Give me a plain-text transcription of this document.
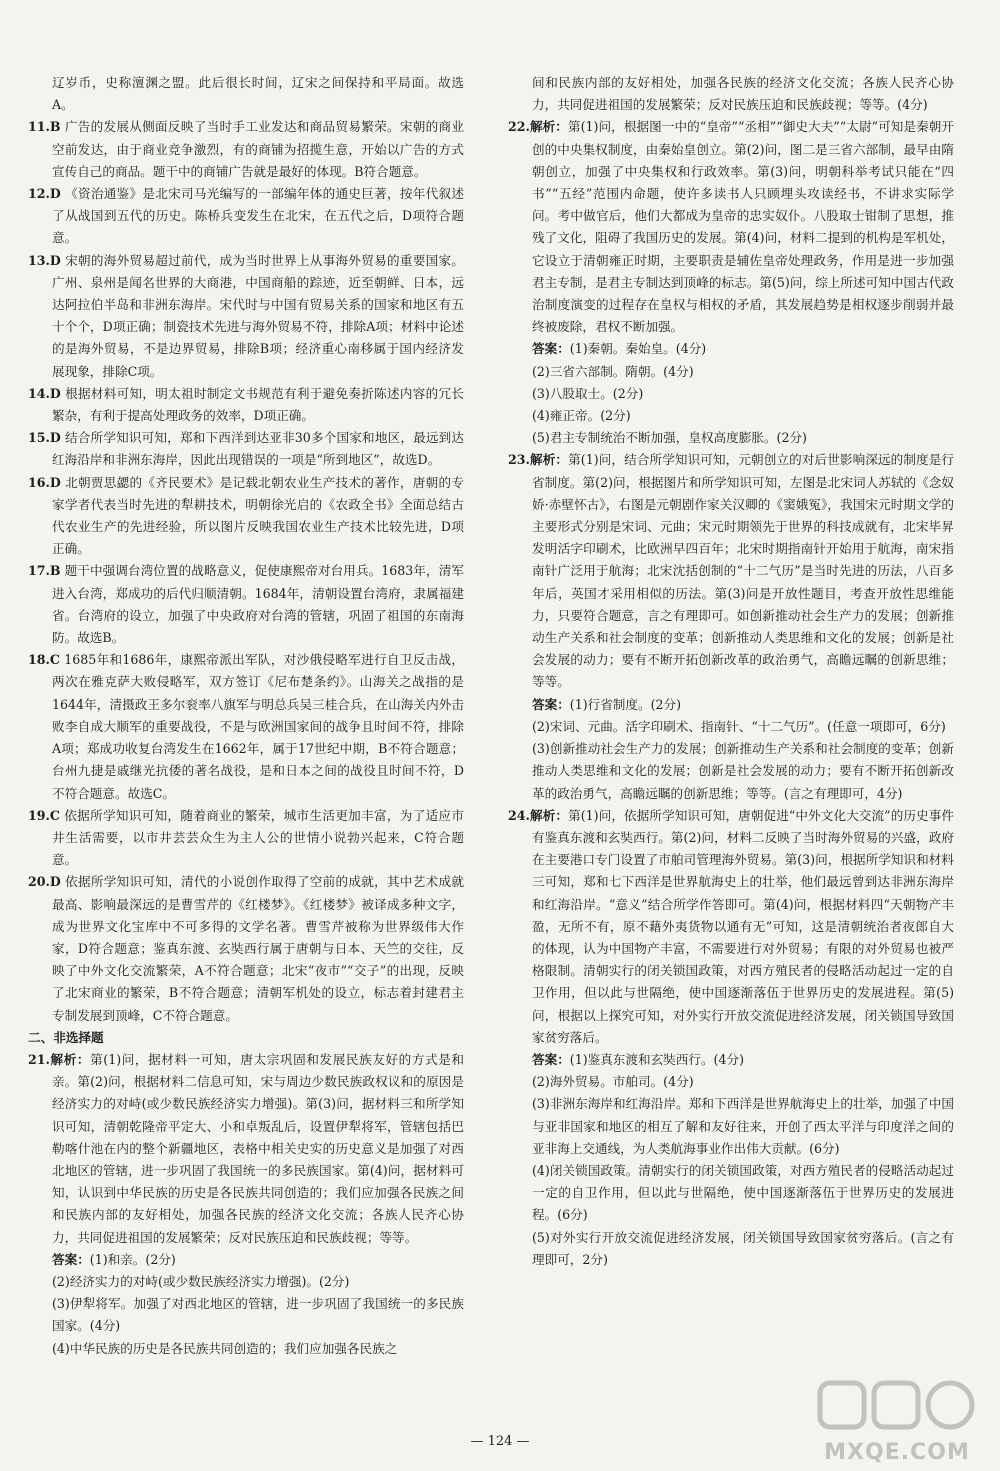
辽岁币，史称澶渊之盟。此后很长时间，辽宋之间保持和平局面。故选A。

11.B 广告的发展从侧面反映了当时手工业发达和商品贸易繁荣。宋朝的商业空前发达，由于商业竞争激烈，有的商铺为招揽生意，开始以广告的方式宣传自己的商品。题干中的商铺广告就是最好的体现。B符合题意。

12.D 《资治通鉴》是北宋司马光编写的一部编年体的通史巨著，按年代叙述了从战国到五代的历史。陈桥兵变发生在北宋，在五代之后，D项符合题意。

13.D 宋朝的海外贸易超过前代，成为当时世界上从事海外贸易的重要国家。广州、泉州是闻名世界的大商港，中国商船的踪迹，近至朝鲜、日本，远达阿拉伯半岛和非洲东海岸。宋代时与中国有贸易关系的国家和地区有五十个个，D项正确；制瓷技术先进与海外贸易不符，排除A项；材料中论述的是海外贸易，不是边界贸易，排除B项；经济重心南移属于国内经济发展现象，排除C项。

14.D 根据材料可知，明太祖时制定文书规范有利于避免奏折陈述内容的冗长繁杂，有利于提高处理政务的效率，D项正确。

15.D 结合所学知识可知，郑和下西洋到达亚非30多个国家和地区，最远到达红海沿岸和非洲东海岸，因此出现错误的一项是“所到地区”，故选D。

16.D 北朝贾思勰的《齐民要术》是记载北朝农业生产技术的著作，唐朝的专家学者代表当时先进的犁耕技术，明朝徐光启的《农政全书》全面总结古代农业生产的先进经验，所以图片反映我国农业生产技术比较先进，D项正确。

17.B 题干中强调台湾位置的战略意义，促使康熙帝对台用兵。1683年，清军进入台湾，郑成功的后代归顺清朝。1684年，清朝设置台湾府，隶属福建省。台湾府的设立，加强了中央政府对台湾的管辖，巩固了祖国的东南海防。故选B。

18.C 1685年和1686年，康熙帝派出军队，对沙俄侵略军进行自卫反击战，两次在雅克萨大败侵略军，双方签订《尼布楚条约》。山海关之战指的是1644年，清摄政王多尔衮率八旗军与明总兵吴三桂合兵，在山海关内外击败李自成大顺军的重要战役，不是与欧洲国家间的战争且时间不符，排除A项；郑成功收复台湾发生在1662年，属于17世纪中期，B不符合题意；台州九捷是戚继光抗倭的著名战役，是和日本之间的战役且时间不符，D不符合题意。故选C。

19.C 依据所学知识可知，随着商业的繁荣，城市生活更加丰富，为了适应市井生活需要，以市井芸芸众生为主人公的世情小说勃兴起来，C符合题意。

20.D 依据所学知识可知，清代的小说创作取得了空前的成就，其中艺术成就最高、影响最深远的是曹雪芹的《红楼梦》。《红楼梦》被译成多种文字，成为世界文化宝库中不可多得的文学名著。曹雪芹被称为世界级伟大作家，D符合题意；鉴真东渡、玄奘西行属于唐朝与日本、天竺的交往，反映了中外文化交流繁荣，A不符合题意；北宋“夜市”“交子”的出现，反映了北宋商业的繁荣，B不符合题意；清朝军机处的设立，标志着封建君主专制发展到顶峰，C不符合题意。

二、非选择题

21.解析：第(1)问，据材料一可知，唐太宗巩固和发展民族友好的方式是和亲。第(2)问，根据材料二信息可知，宋与周边少数民族政权议和的原因是经济实力的对峙(或少数民族经济实力增强)。第(3)问，据材料三和所学知识可知，清朝乾隆帝平定大、小和卓叛乱后，设置伊犁将军，管辖包括巴勒喀什池在内的整个新疆地区，表格中相关史实的历史意义是加强了对西北地区的管辖，进一步巩固了我国统一的多民族国家。第(4)问，据材料可知，认识到中华民族的历史是各民族共同创造的；我们应加强各民族之间和民族内部的友好相处，加强各民族的经济文化交流；各族人民齐心协力，共同促进祖国的发展繁荣；反对民族压迫和民族歧视；等等。

答案：(1)和亲。(2分)

(2)经济实力的对峙(或少数民族经济实力增强)。(2分)

(3)伊犁将军。加强了对西北地区的管辖，进一步巩固了我国统一的多民族国家。(4分)

(4)中华民族的历史是各民族共同创造的；我们应加强各民族之

间和民族内部的友好相处，加强各民族的经济文化交流；各族人民齐心协力，共同促进祖国的发展繁荣；反对民族压迫和民族歧视；等等。(4分)

22.解析：第(1)问，根据图一中的“皇帝”“丞相”“御史大夫”“太尉”可知是秦朝开创的中央集权制度，由秦始皇创立。第(2)问，图二是三省六部制，最早由隋朝创立，加强了中央集权和行政效率。第(3)问，明朝科举考试只能在“四书”“五经”范围内命题，使许多读书人只顾埋头攻读经书，不讲求实际学问。考中做官后，他们大都成为皇帝的忠实奴仆。八股取士钳制了思想，推残了文化，阻碍了我国历史的发展。第(4)问，材料二提到的机构是军机处，它设立于清朝雍正时期，主要职责是辅佐皇帝处理政务，作用是进一步加强君主专制，是君主专制达到顶峰的标志。第(5)问，综上所述可知中国古代政治制度演变的过程存在皇权与相权的矛盾，其发展趋势是相权逐步削弱并最终被废除，君权不断加强。

答案：(1)秦朝。秦始皇。(4分)

(2)三省六部制。隋朝。(4分)

(3)八股取士。(2分)

(4)雍正帝。(2分)

(5)君主专制统治不断加强，皇权高度膨胀。(2分)

23.解析：第(1)问，结合所学知识可知，元朝创立的对后世影响深远的制度是行省制度。第(2)问，根据图片和所学知识可知，左图是北宋词人苏轼的《念奴娇·赤壁怀古》，右图是元朝剧作家关汉卿的《窦娥冤》，我国宋元时期文学的主要形式分别是宋词、元曲；宋元时期领先于世界的科技成就有，北宋毕昇发明活字印刷术，比欧洲早四百年；北宋时期指南针开始用于航海，南宋指南针广泛用于航海；北宋沈括创制的“十二气历”是当时先进的历法，八百多年后，英国才采用相似的历法。第(3)问是开放性题目，考查开放性思维能力，只要符合题意，言之有理即可。如创新推动社会生产力的发展；创新推动生产关系和社会制度的变革；创新推动人类思维和文化的发展；创新是社会发展的动力；要有不断开拓创新改革的政治勇气，高瞻远瞩的创新思维；等等。

答案：(1)行省制度。(2分)

(2)宋词、元曲。活字印刷术、指南针、“十二气历”。(任意一项即可，6分)

(3)创新推动社会生产力的发展；创新推动生产关系和社会制度的变革；创新推动人类思维和文化的发展；创新是社会发展的动力；要有不断开拓创新改革的政治勇气，高瞻远瞩的创新思维；等等。(言之有理即可，4分)

24.解析：第(1)问，依据所学知识可知，唐朝促进“中外文化大交流”的历史事件有鉴真东渡和玄奘西行。第(2)问，材料二反映了当时海外贸易的兴盛，政府在主要港口专门设置了市舶司管理海外贸易。第(3)问，根据所学知识和材料三可知，郑和七下西洋是世界航海史上的壮举，他们最远曾到达非洲东海岸和红海沿岸。“意义”结合所学作答即可。第(4)问，根据材料四“天朝物产丰盈，无所不有，原不藉外夷货物以通有无”可知，这是清朝统治者夜郎自大的体现，认为中国物产丰富，不需要进行对外贸易；有限的对外贸易也被严格限制。清朝实行的闭关锁国政策，对西方殖民者的侵略活动起过一定的自卫作用，但以此与世隔绝，使中国逐渐落伍于世界历史的发展进程。第(5)问，根据以上探究可知，对外实行开放交流促进经济发展，闭关锁国导致国家贫穷落后。

答案：(1)鉴真东渡和玄奘西行。(4分)

(2)海外贸易。市舶司。(4分)

(3)非洲东海岸和红海沿岸。郑和下西洋是世界航海史上的壮举，加强了中国与亚非国家和地区的相互了解和友好往来，开创了西太平洋与印度洋之间的亚非海上交通线，为人类航海事业作出伟大贡献。(6分)

(4)闭关锁国政策。清朝实行的闭关锁国政策，对西方殖民者的侵略活动起过一定的自卫作用，但以此与世隔绝，使中国逐渐落伍于世界历史的发展进程。(6分)

(5)对外实行开放交流促进经济发展，闭关锁国导致国家贫穷落后。(言之有理即可，2分)

— 124 —	MXQE.COM
